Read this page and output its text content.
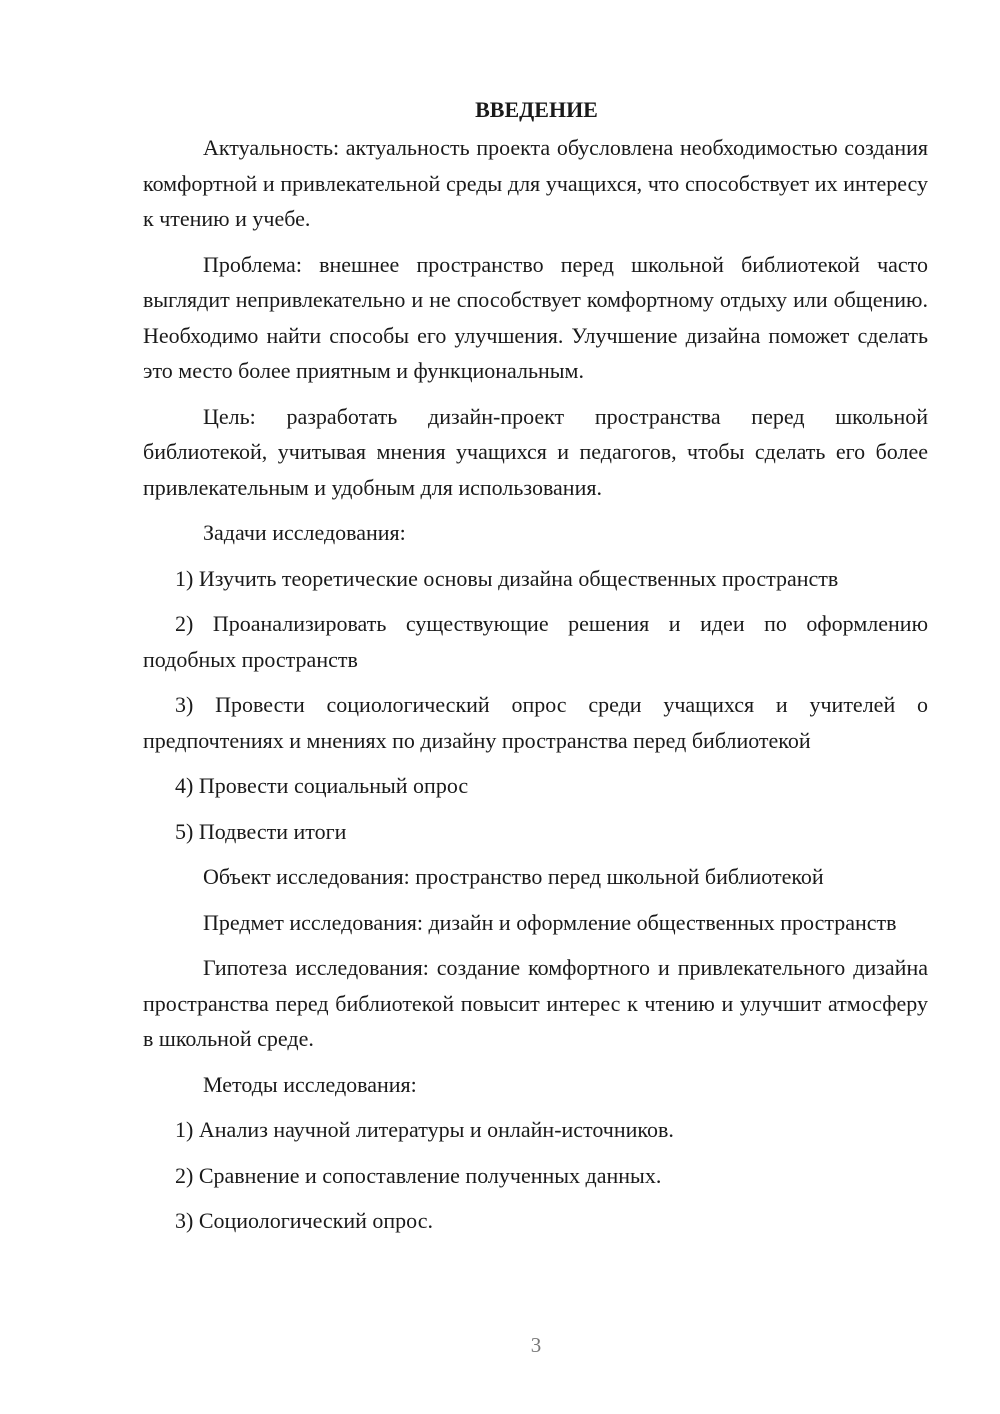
ВВЕДЕНИЕ

Актуальность: актуальность проекта обусловлена необходимостью создания комфортной и привлекательной среды для учащихся, что способствует их интересу к чтению и учебе.

Проблема: внешнее пространство перед школьной библиотекой часто выглядит непривлекательно и не способствует комфортному отдыху или общению. Необходимо найти способы его улучшения. Улучшение дизайна поможет сделать это место более приятным и функциональным.

Цель: разработать дизайн-проект пространства перед школьной библиотекой, учитывая мнения учащихся и педагогов, чтобы сделать его более привлекательным и удобным для использования.

Задачи исследования:

1) Изучить теоретические основы дизайна общественных пространств

2) Проанализировать существующие решения и идеи по оформлению подобных пространств

3) Провести социологический опрос среди учащихся и учителей о предпочтениях и мнениях по дизайну пространства перед библиотекой

4) Провести социальный опрос

5) Подвести итоги

Объект исследования: пространство перед школьной библиотекой

Предмет исследования: дизайн и оформление общественных пространств

Гипотеза исследования: создание комфортного и привлекательного дизайна пространства перед библиотекой повысит интерес к чтению и улучшит атмосферу в школьной среде.

Методы исследования:

1) Анализ научной литературы и онлайн-источников.

2) Сравнение и сопоставление полученных данных.

3) Социологический опрос.

3
